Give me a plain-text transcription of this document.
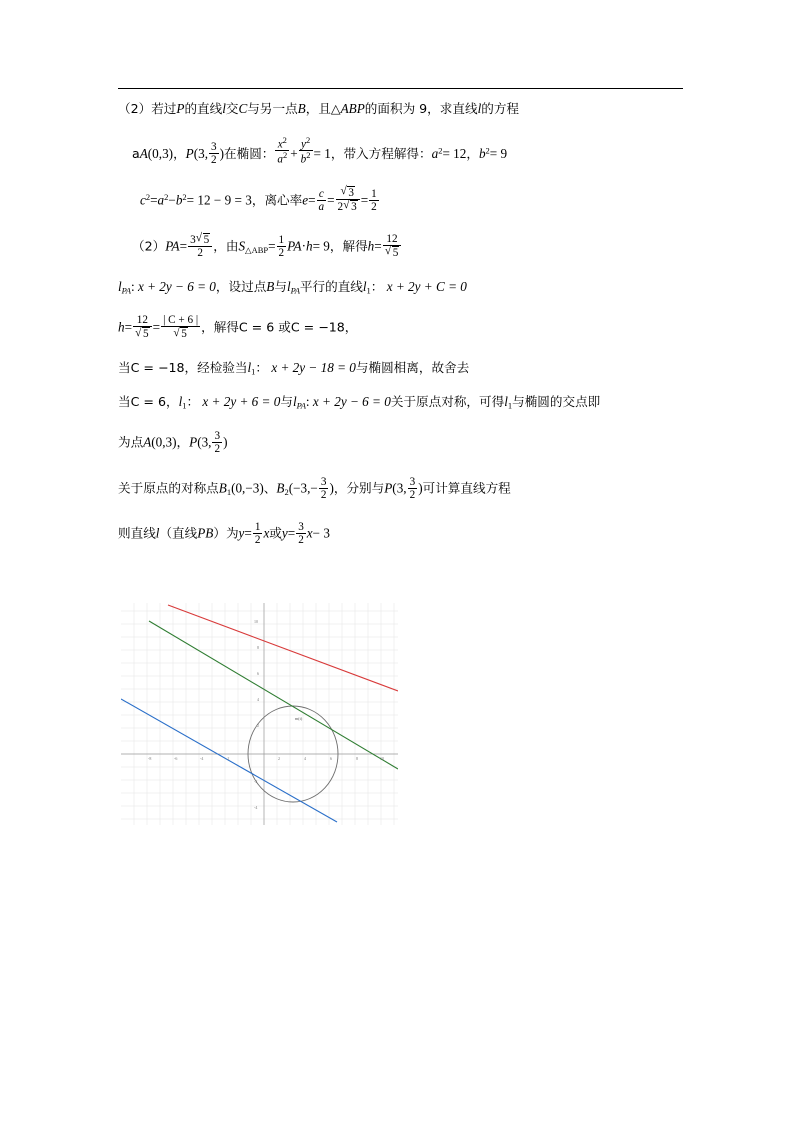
（2）若过P的直线l交C与另一点B，且△ABP的面积为 9，求直线l的方程
aA(0,3)，P(3, $\frac{3}{2}$ )在椭圆： $\frac{x^2}{a^2} + \frac{y^2}{b^2} = 1$，带入方程解得：$a^2= 12$，$b^2= 9$
$c^2=a^2-b^2= 12 - 9 = 3$，离心率$e= \frac{c}{a}$ = √ $\frac{3}{2 √ 3} = \frac{1}{2}$
$(2)PA= \frac{3 √ 5}{2}$ ，由S△ABP= $\frac{1}{2} PA\cdot h= 9$，解得h= 12
√ 5
$l_{PA}$: x + 2y − 6 = 0，设过点B与$l_{PA}$平行的直线l1： x + 2y + C = 0
h= 12
√ 5 = | C + 6 |
√ 5 ，解得C = 6 或C = −18，
当C = −18，经检验当l1： x + 2y − 18 = 0与椭圆相离，故舍去
当C = 6，l1： x + 2y + 6 = 0与$l_{PA}$: x + 2y − 6 = 0关于原点对称，可得l1与椭圆的交点即
为点A(0,3)，P(3, $\frac{3}{2}$ )
关于原点的对称点B1(0,−3)、$B2(-3,- \frac{3}{2}$ )，分别与P(3, $\frac{3}{2}$ )可计算直线方程
则直线l（直线PB）为$y= \frac{1}{2}$ x或$y= \frac{3}{2} x- 3$
m(t)
-8	-6	-4	-2	2	4	6	8	10
10
8
6
4
2
-2
-4
